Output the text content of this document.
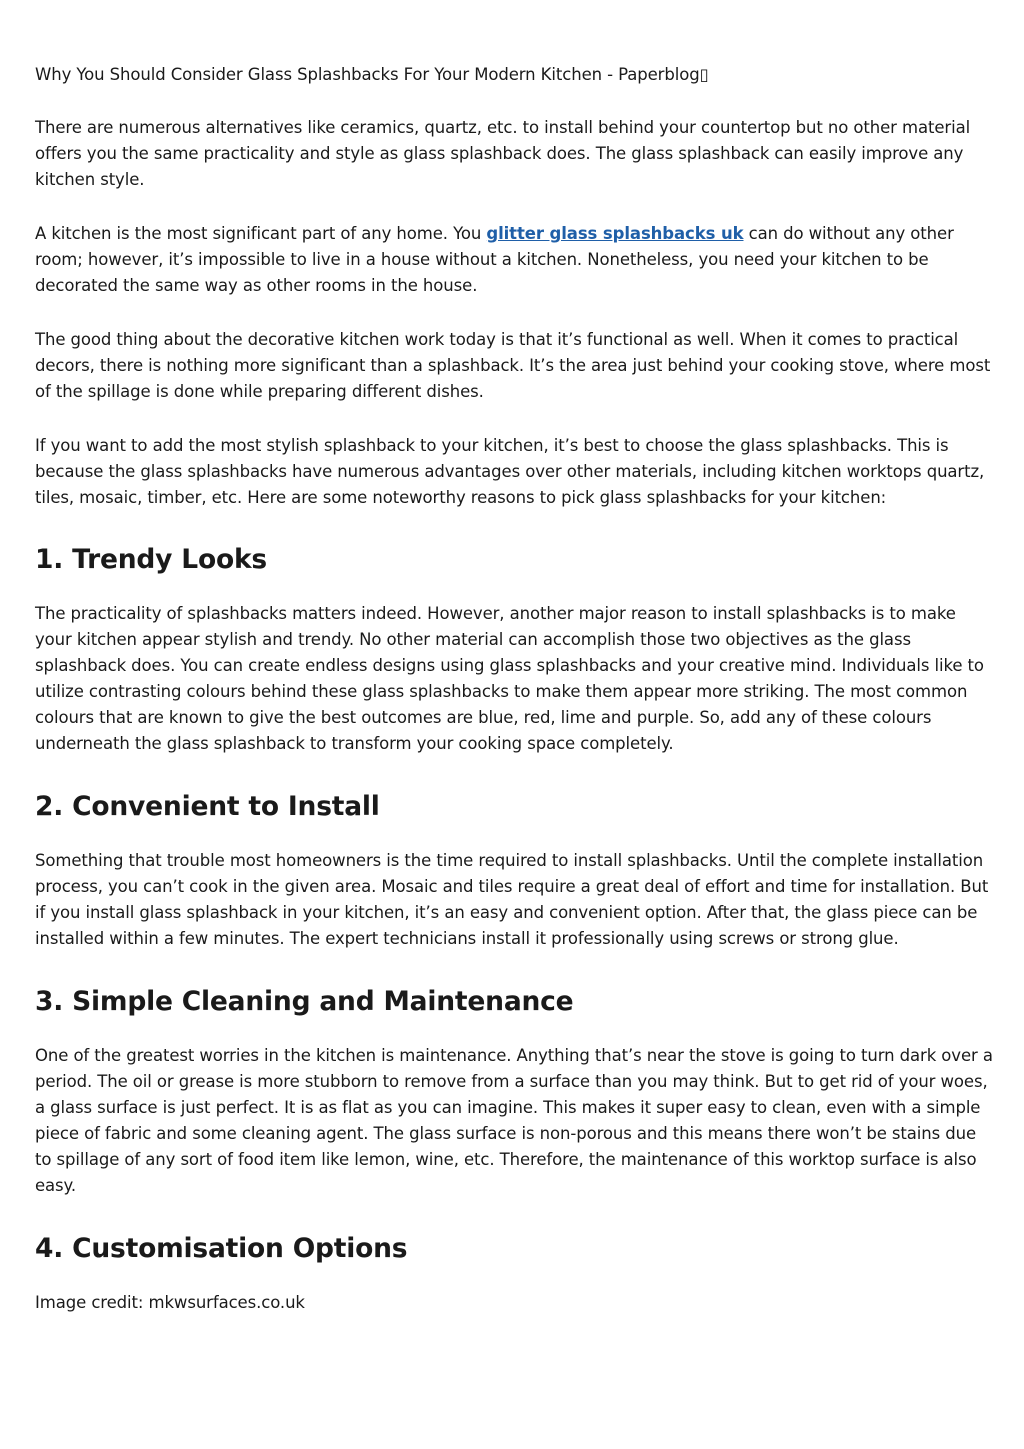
Why You Should Consider Glass Splashbacks For Your Modern Kitchen - Paperblog▯

There are numerous alternatives like ceramics, quartz, etc. to install behind your countertop but no other material offers you the same practicality and style as glass splashback does. The glass splashback can easily improve any kitchen style.

A kitchen is the most significant part of any home. You glitter glass splashbacks uk can do without any other room; however, it’s impossible to live in a house without a kitchen. Nonetheless, you need your kitchen to be decorated the same way as other rooms in the house.

The good thing about the decorative kitchen work today is that it’s functional as well. When it comes to practical decors, there is nothing more significant than a splashback. It’s the area just behind your cooking stove, where most of the spillage is done while preparing different dishes.

If you want to add the most stylish splashback to your kitchen, it’s best to choose the glass splashbacks. This is because the glass splashbacks have numerous advantages over other materials, including kitchen worktops quartz, tiles, mosaic, timber, etc. Here are some noteworthy reasons to pick glass splashbacks for your kitchen:

1. Trendy Looks

The practicality of splashbacks matters indeed. However, another major reason to install splashbacks is to make your kitchen appear stylish and trendy. No other material can accomplish those two objectives as the glass splashback does. You can create endless designs using glass splashbacks and your creative mind. Individuals like to utilize contrasting colours behind these glass splashbacks to make them appear more striking. The most common colours that are known to give the best outcomes are blue, red, lime and purple. So, add any of these colours underneath the glass splashback to transform your cooking space completely.

2. Convenient to Install

Something that trouble most homeowners is the time required to install splashbacks. Until the complete installation process, you can’t cook in the given area. Mosaic and tiles require a great deal of effort and time for installation. But if you install glass splashback in your kitchen, it’s an easy and convenient option. After that, the glass piece can be installed within a few minutes. The expert technicians install it professionally using screws or strong glue.

3. Simple Cleaning and Maintenance

One of the greatest worries in the kitchen is maintenance. Anything that’s near the stove is going to turn dark over a period. The oil or grease is more stubborn to remove from a surface than you may think. But to get rid of your woes, a glass surface is just perfect. It is as flat as you can imagine. This makes it super easy to clean, even with a simple piece of fabric and some cleaning agent. The glass surface is non-porous and this means there won’t be stains due to spillage of any sort of food item like lemon, wine, etc. Therefore, the maintenance of this worktop surface is also easy.

4. Customisation Options

Image credit: mkwsurfaces.co.uk
